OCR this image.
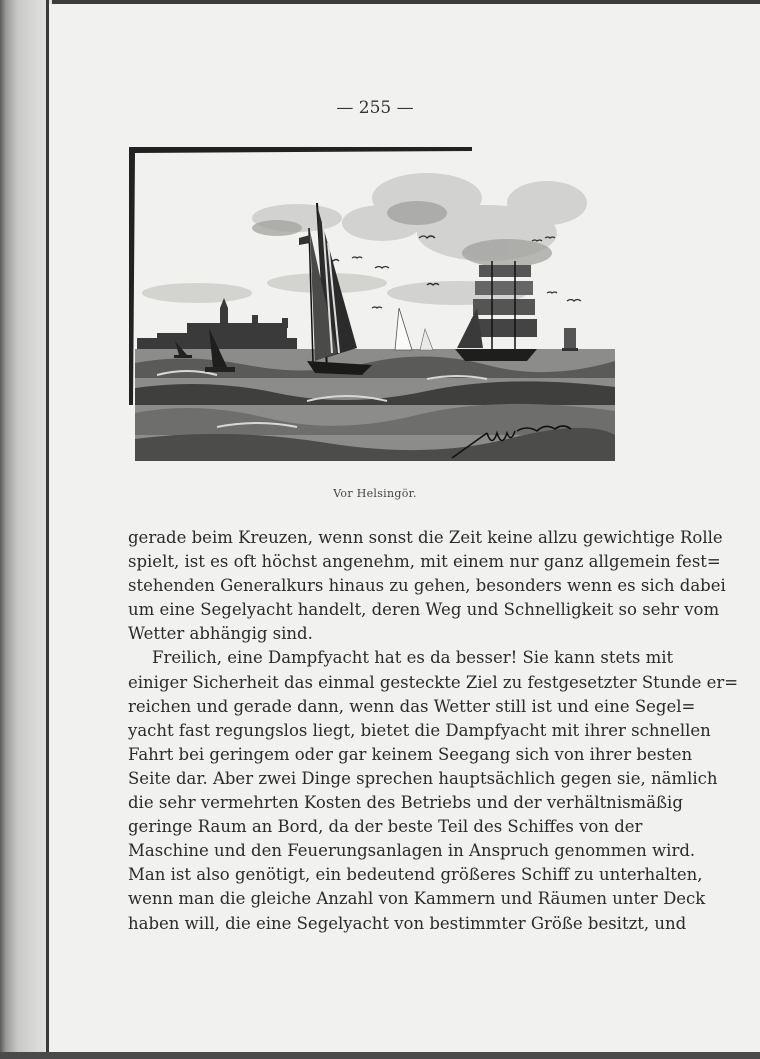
— 255 —
Vor Helsingör.
gerade beim Kreuzen, wenn sonst die Zeit keine allzu gewichtige Rolle
spielt, ist es oft höchst angenehm, mit einem nur ganz allgemein fest=
stehenden Generalkurs hinaus zu gehen, besonders wenn es sich dabei
um eine Segelyacht handelt, deren Weg und Schnelligkeit so sehr vom
Wetter abhängig sind.
Freilich, eine Dampfyacht hat es da besser! Sie kann stets mit
einiger Sicherheit das einmal gesteckte Ziel zu festgesetzter Stunde er=
reichen und gerade dann, wenn das Wetter still ist und eine Segel=
yacht fast regungslos liegt, bietet die Dampfyacht mit ihrer schnellen
Fahrt bei geringem oder gar keinem Seegang sich von ihrer besten
Seite dar. Aber zwei Dinge sprechen hauptsächlich gegen sie, nämlich
die sehr vermehrten Kosten des Betriebs und der verhältnismäßig
geringe Raum an Bord, da der beste Teil des Schiffes von der
Maschine und den Feuerungsanlagen in Anspruch genommen wird.
Man ist also genötigt, ein bedeutend größeres Schiff zu unterhalten,
wenn man die gleiche Anzahl von Kammern und Räumen unter Deck
haben will, die eine Segelyacht von bestimmter Größe besitzt, und
